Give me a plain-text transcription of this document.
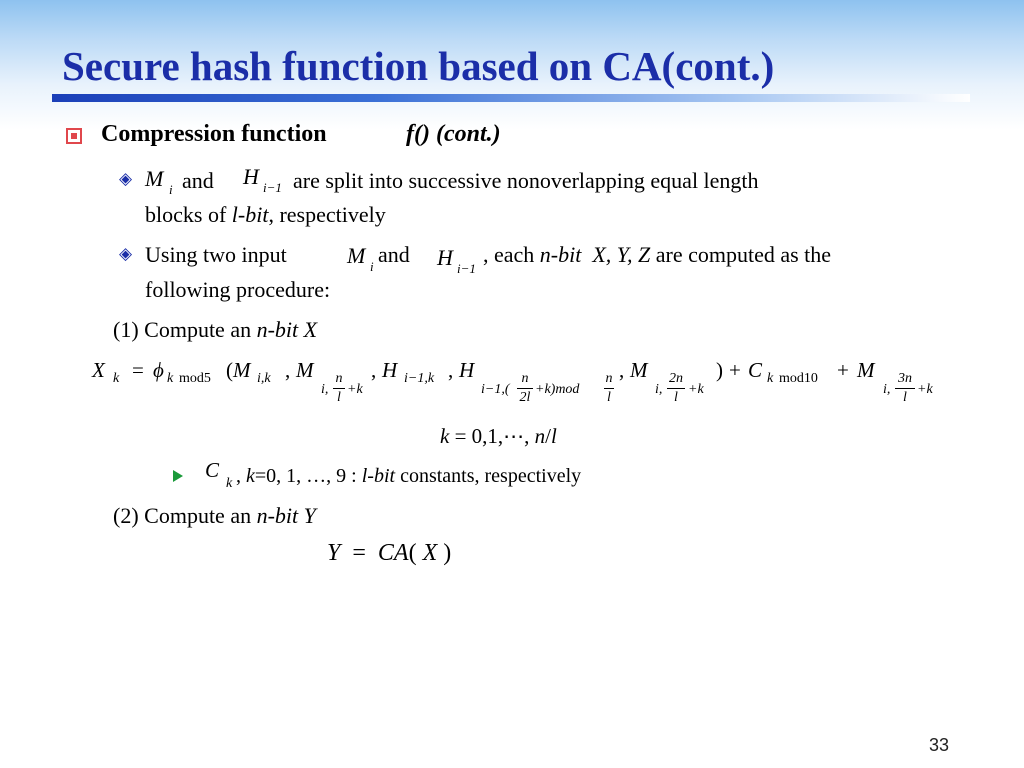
Secure hash function based on CA(cont.)
Compression function	f() (cont.)
◈ M i and H i−1 are split into successive nonoverlapping equal length
blocks of l-bit, respectively
◈ Using two input	M i and H i−1
, each n-bit X, Y, Z are computed as the
following procedure:
(1) Compute an n-bit X
X k = ϕ k mod5 ( M i,k , M
i,
n
l
+k
, H i−1,k , H
i−1,(
n
2l
+k)mod
n
l
, M
i,
2n
l
+k
) + C k mod10 + M
i,
3n
l
+k
k = 0,1,⋯, n/l
C
k , k=0, 1, …, 9 : l-bit constants, respectively
(2) Compute an n-bit Y
Y = CA( X )
33
